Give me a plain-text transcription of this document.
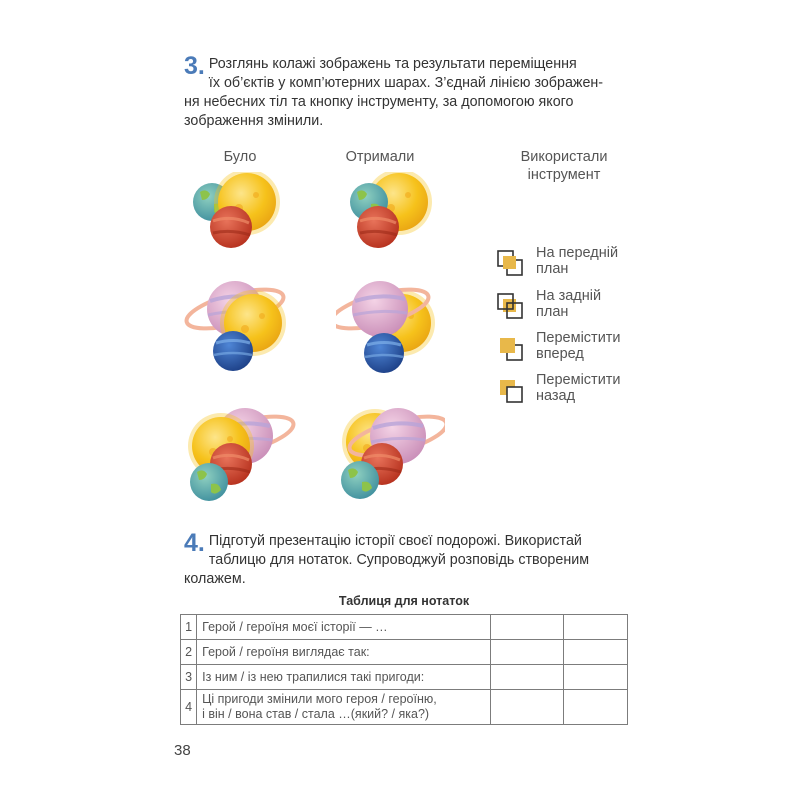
3. Розглянь колажі зображень та результати переміщення
їх об’єктів у комп’ютерних шарах. З’єднай лінією зображен-
ня небесних тіл та кнопку інструменту, за допомогою якого
зображення змінили.
Було	Отримали	Використали
інструмент
На передній
план
На задній
план
Перемістити
вперед
Перемістити
назад
4. Підготуй презентацію історії своєї подорожі. Використай
таблицю для нотаток. Супроводжуй розповідь створеним
колажем.
Таблиця для нотаток
1	Герой / героїня моєї історії — …		

2	Герой / героїня виглядає так:		

3	Із ним / із нею трапилися такі пригоди:		

4	Ці пригоди змінили мого героя / героїню,
і він / вона став / стала …(який? / яка?)		

38
